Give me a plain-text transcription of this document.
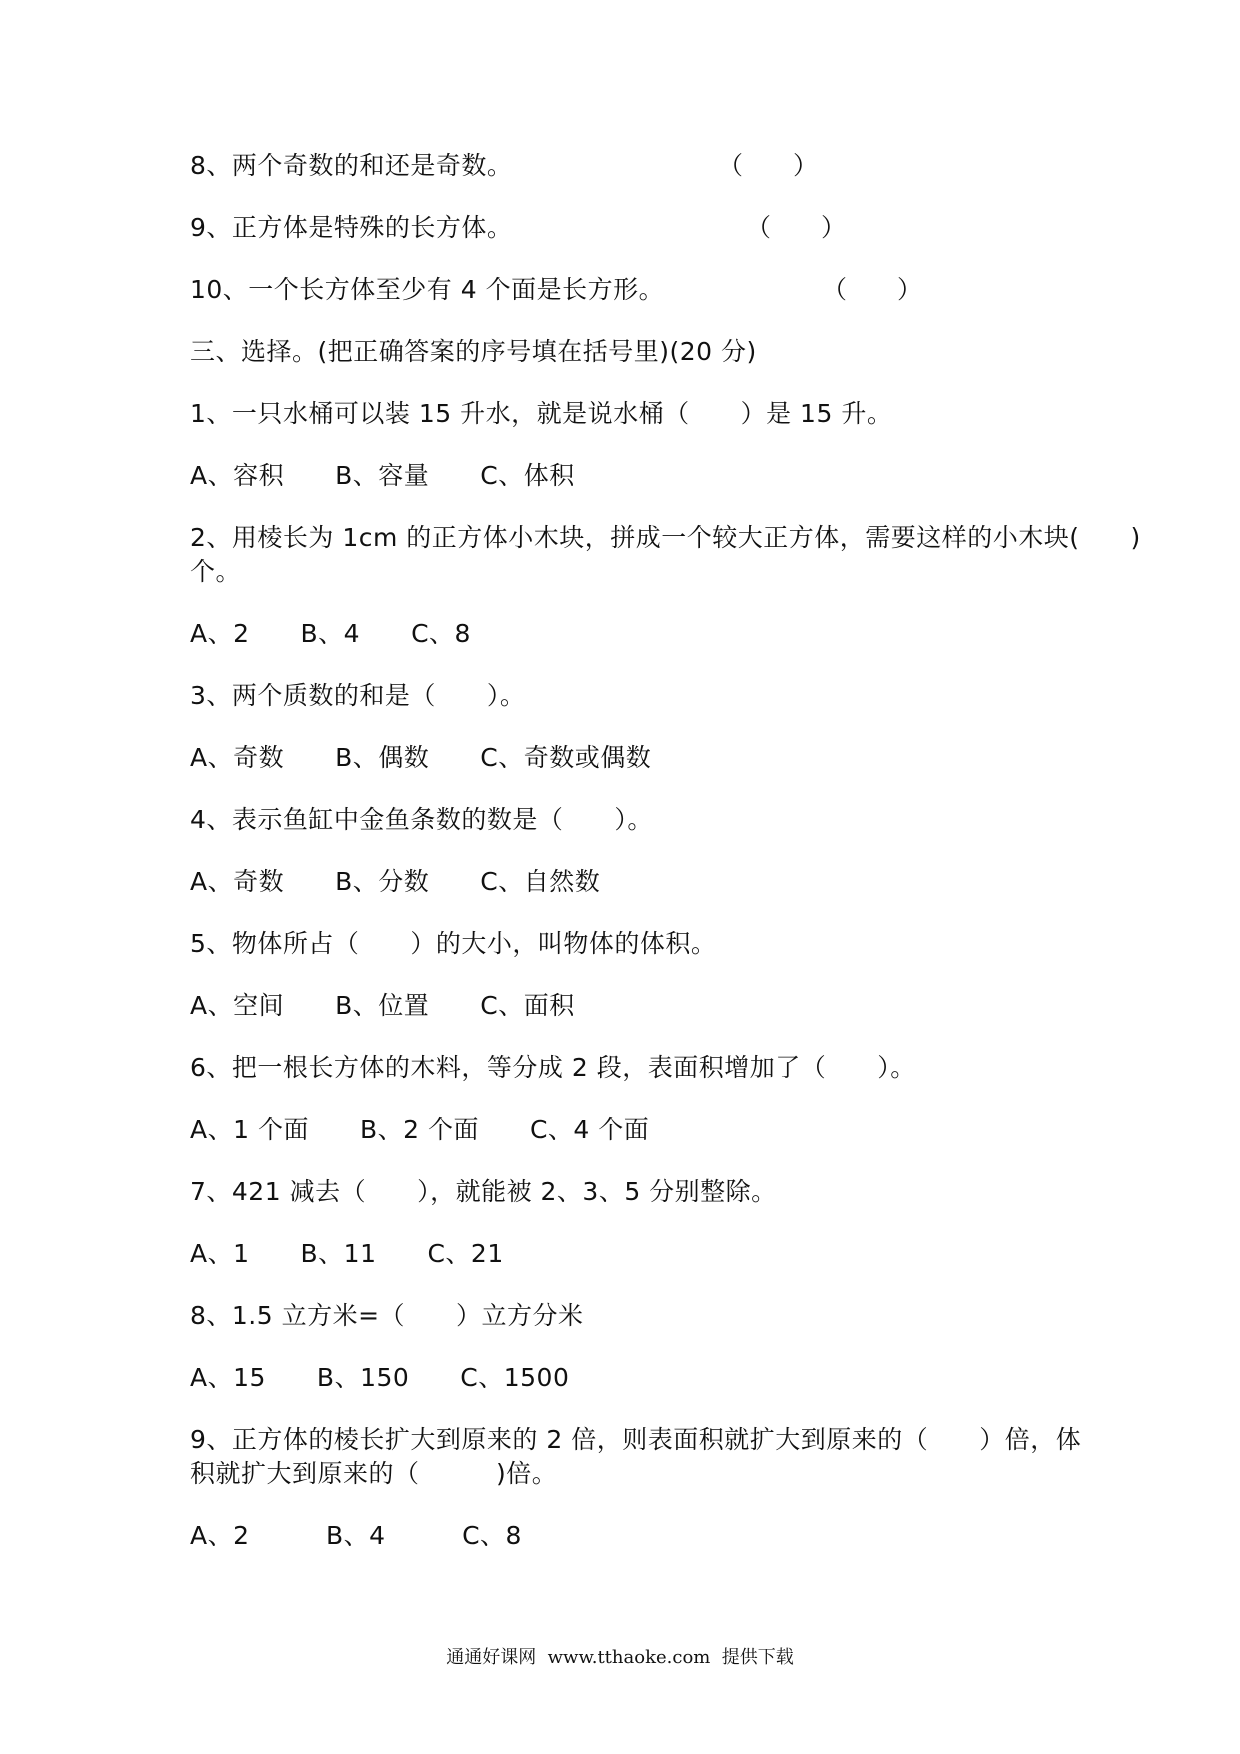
8、两个奇数的和还是奇数。	（　　）
9、正方体是特殊的长方体。	（　　）
10、一个长方体至少有 4 个面是长方形。	（　　）
三、选择。(把正确答案的序号填在括号里)(20 分)
1、一只水桶可以装 15 升水，就是说水桶（　　）是 15 升。
A、容积　　B、容量　　C、体积
2、用棱长为 1cm 的正方体小木块，拼成一个较大正方体，需要这样的小木块(　　)
个。
A、2　　B、4　　C、8
3、两个质数的和是（　　）。
A、奇数　　B、偶数　　C、奇数或偶数
4、表示鱼缸中金鱼条数的数是（　　）。
A、奇数　　B、分数　　C、自然数
5、物体所占（　　）的大小，叫物体的体积。
A、空间　　B、位置　　C、面积
6、把一根长方体的木料，等分成 2 段，表面积增加了（　　）。
A、1 个面　　B、2 个面　　C、4 个面
7、421 减去（　　），就能被 2、3、5 分别整除。
A、1　　B、11　　C、21
8、1.5 立方米=（　　）立方分米
A、15　　B、150　　C、1500
9、正方体的棱长扩大到原来的 2 倍，则表面积就扩大到原来的（　　）倍，体
积就扩大到原来的（　　　)倍。
A、2　　　B、4　　　C、8
通通好课网  www.tthaoke.com  提供下载
